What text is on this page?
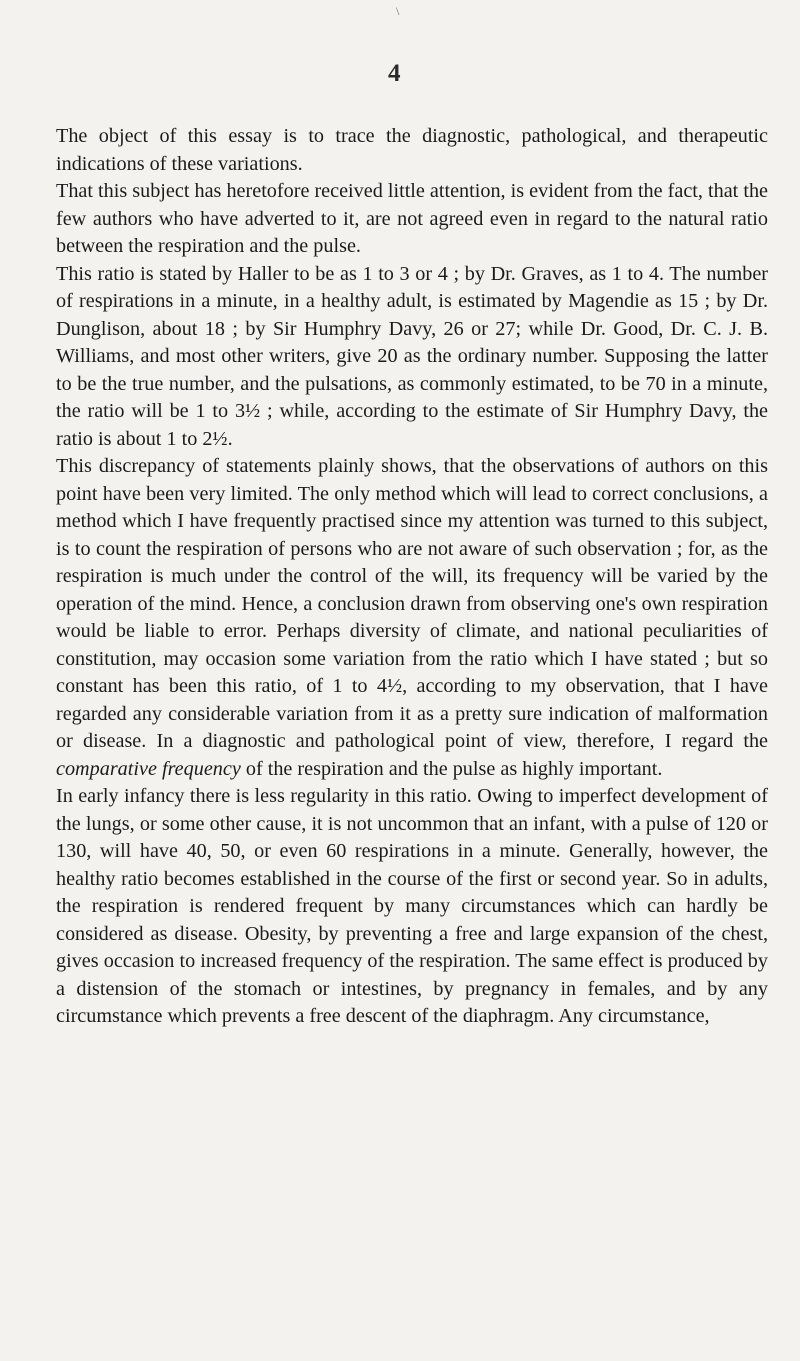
\
4

The object of this essay is to trace the diagnostic, pathological, and therapeutic indications of these variations.

That this subject has heretofore received little attention, is evident from the fact, that the few authors who have adverted to it, are not agreed even in regard to the natural ratio between the respiration and the pulse.

This ratio is stated by Haller to be as 1 to 3 or 4 ; by Dr. Graves, as 1 to 4. The number of respirations in a minute, in a healthy adult, is estimated by Magendie as 15 ; by Dr. Dunglison, about 18 ; by Sir Humphry Davy, 26 or 27; while Dr. Good, Dr. C. J. B. Williams, and most other writers, give 20 as the ordinary number. Supposing the latter to be the true number, and the pulsations, as commonly estimated, to be 70 in a minute, the ratio will be 1 to 3½ ; while, according to the estimate of Sir Humphry Davy, the ratio is about 1 to 2½.

This discrepancy of statements plainly shows, that the observations of authors on this point have been very limited. The only method which will lead to correct conclusions, a method which I have frequently practised since my attention was turned to this subject, is to count the respiration of persons who are not aware of such observation ; for, as the respiration is much under the control of the will, its frequency will be varied by the operation of the mind. Hence, a conclusion drawn from observing one's own respiration would be liable to error. Perhaps diversity of climate, and national peculiarities of constitution, may occasion some variation from the ratio which I have stated ; but so constant has been this ratio, of 1 to 4½, according to my observation, that I have regarded any considerable variation from it as a pretty sure indication of malformation or disease. In a diagnostic and pathological point of view, therefore, I regard the comparative frequency of the respiration and the pulse as highly important.

In early infancy there is less regularity in this ratio. Owing to imperfect development of the lungs, or some other cause, it is not uncommon that an infant, with a pulse of 120 or 130, will have 40, 50, or even 60 respirations in a minute. Generally, however, the healthy ratio becomes established in the course of the first or second year. So in adults, the respiration is rendered frequent by many circumstances which can hardly be considered as disease. Obesity, by preventing a free and large expansion of the chest, gives occasion to increased frequency of the respiration. The same effect is produced by a distension of the stomach or intestines, by pregnancy in females, and by any circumstance which prevents a free descent of the diaphragm. Any circumstance,
